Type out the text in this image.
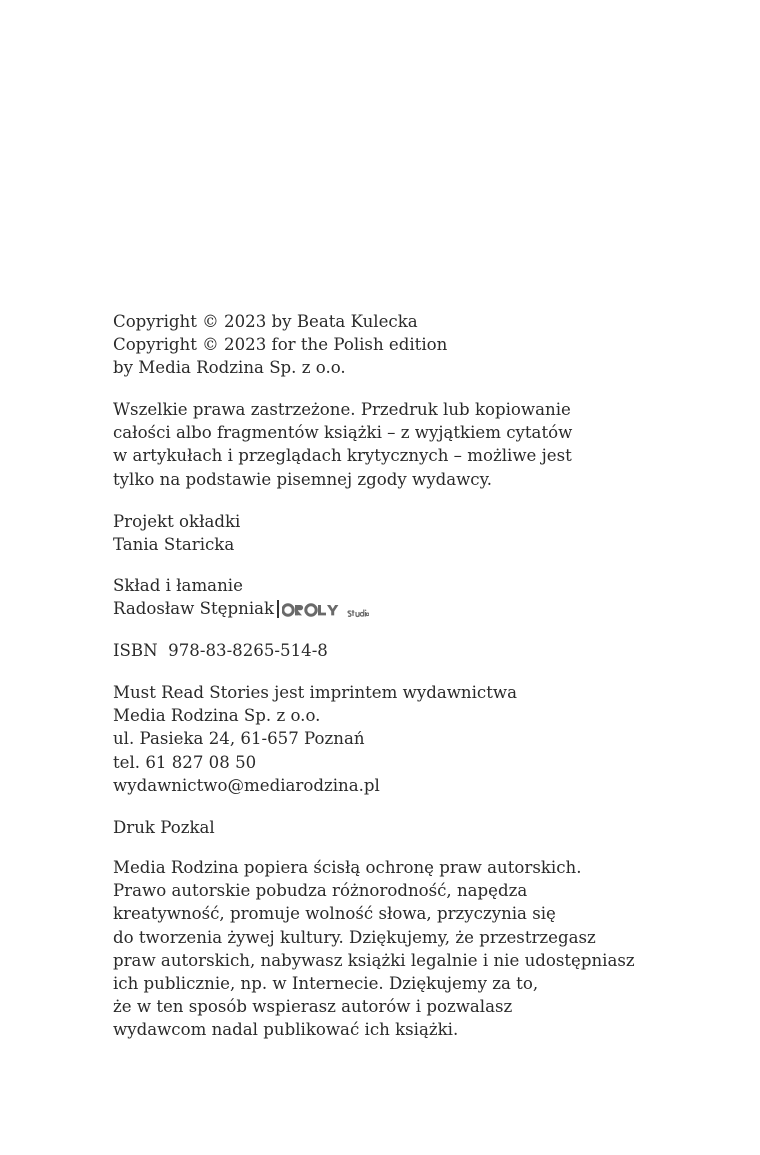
Copyright © 2023 by Beata Kulecka
Copyright © 2023 for the Polish edition
by Media Rodzina Sp. z o.o.
Wszelkie prawa zastrzeżone. Przedruk lub kopiowanie
całości albo fragmentów książki – z wyjątkiem cytatów
w artykułach i przeglądach krytycznych – możliwe jest
tylko na podstawie pisemnej zgody wydawcy.
Projekt okładki
Tania Staricka
Skład i łamanie
Radosław Stępniak
ISBN  978-83-8265-514-8
Must Read Stories jest imprintem wydawnictwa
Media Rodzina Sp. z o.o.
ul. Pasieka 24, 61-657 Poznań
tel. 61 827 08 50
wydawnictwo@mediarodzina.pl
Druk Pozkal
Media Rodzina popiera ścisłą ochronę praw autorskich.
Prawo autorskie pobudza różnorodność, napędza
kreatywność, promuje wolność słowa, przyczynia się
do tworzenia żywej kultury. Dziękujemy, że przestrzegasz
praw autorskich, nabywasz książki legalnie i nie udostępniasz
ich publicznie, np. w Internecie. Dziękujemy za to,
że w ten sposób wspierasz autorów i pozwalasz
wydawcom nadal publikować ich książki.
